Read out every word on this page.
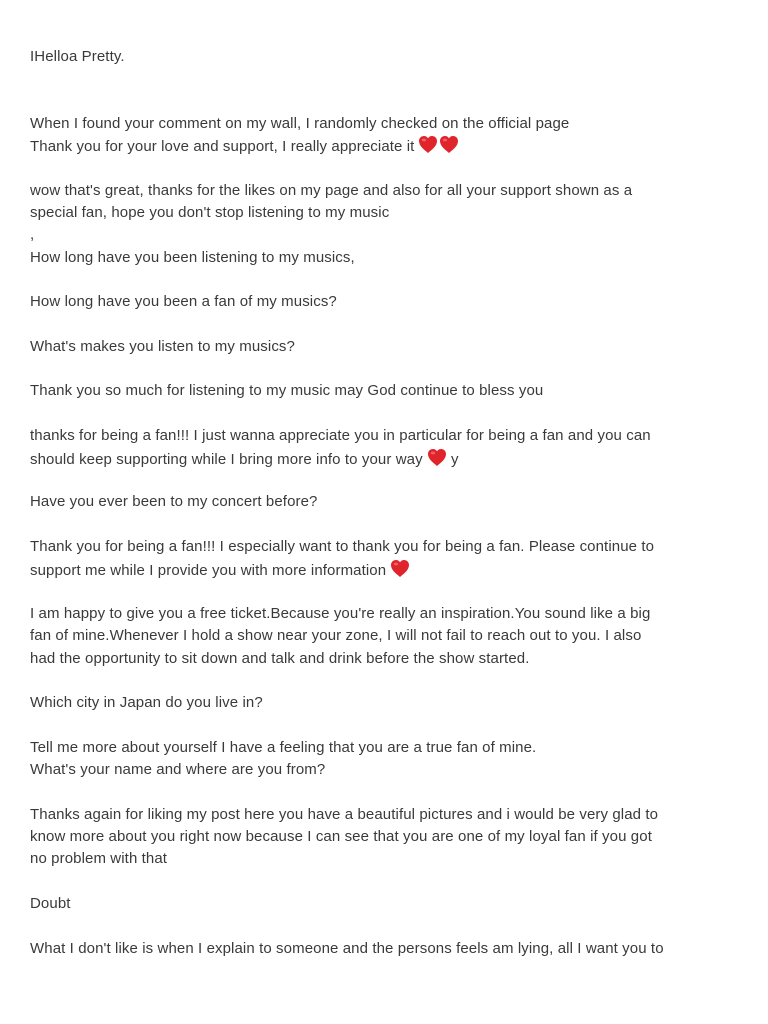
IHelloa Pretty.
When I found your comment on my wall, I randomly checked on the official page
Thank you for your love and support, I really appreciate it
wow that's great, thanks for the likes on my page and also for all your support shown as a
special fan, hope you don't stop listening to my music
,
How long have you been listening to my musics,
How long have you been a fan of my musics?
What's makes you listen to my musics?
Thank you so much for listening to my music may God continue to bless you
thanks for being a fan!!! I just wanna appreciate you in particular for being a fan and you can
should keep supporting while I bring more info to your way y
Have you ever been to my concert before?
Thank you for being a fan!!! I especially want to thank you for being a fan. Please continue to
support me while I provide you with more information
I am happy to give you a free ticket.Because you're really an inspiration.You sound like a big
fan of mine.Whenever I hold a show near your zone, I will not fail to reach out to you. I also
had the opportunity to sit down and talk and drink before the show started.
Which city in Japan do you live in?
Tell me more about yourself I have a feeling that you are a true fan of mine.
What's your name and where are you from?
Thanks again for liking my post here you have a beautiful pictures and i would be very glad to
know more about you right now because I can see that you are one of my loyal fan if you got
no problem with that
Doubt
What I don't like is when I explain to someone and the persons feels am lying, all I want you to
